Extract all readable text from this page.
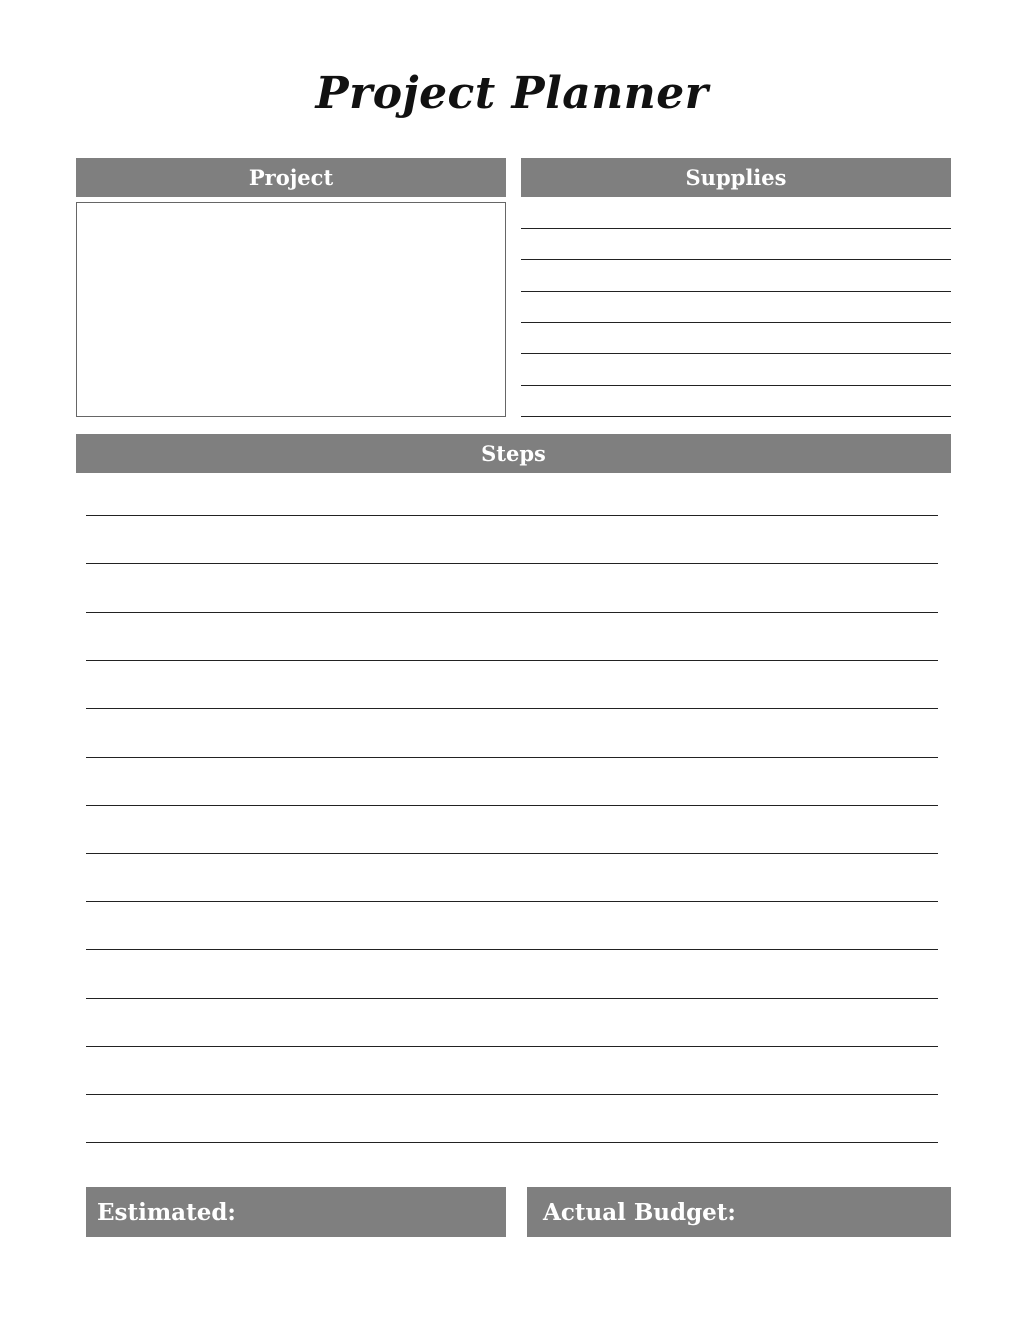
Project Planner
Project	Supplies
Steps
Estimated:	Actual Budget:
